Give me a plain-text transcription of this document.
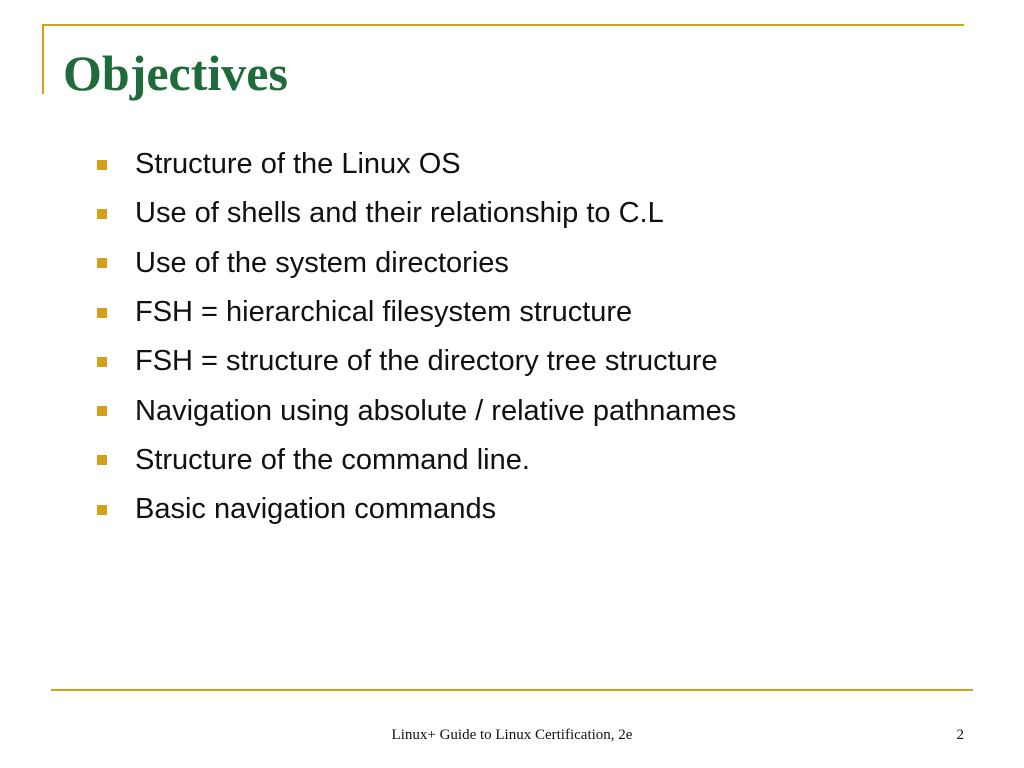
Objectives
Structure of the Linux OS
Use of shells and their relationship to C.L
Use of the system directories
FSH = hierarchical filesystem structure
FSH = structure of the directory tree structure
Navigation using absolute / relative pathnames
Structure of the command line.
Basic navigation commands
Linux+ Guide to Linux Certification, 2e	2
